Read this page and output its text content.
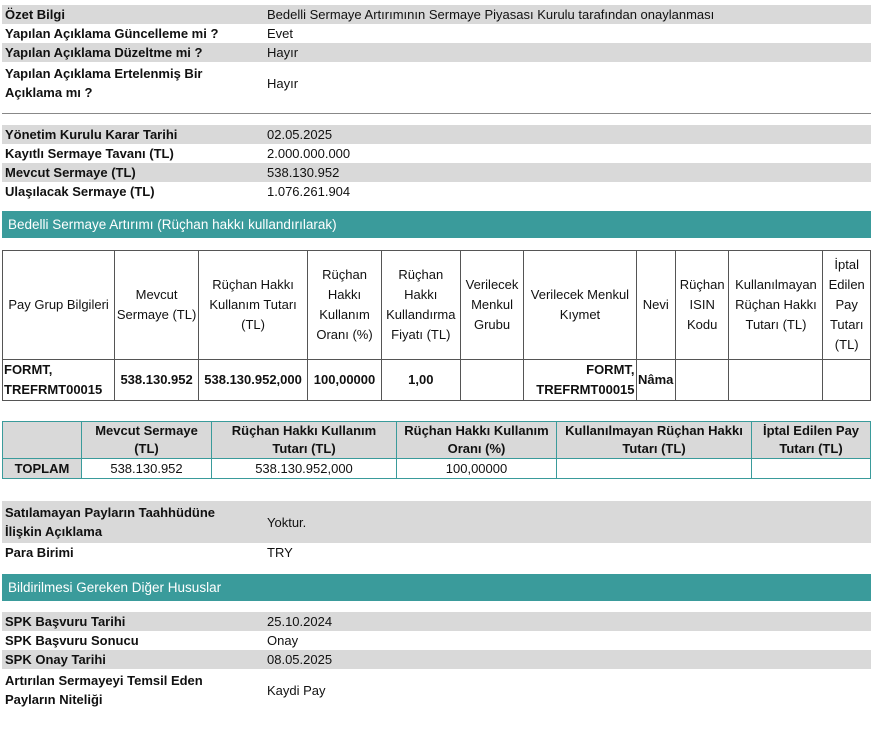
Özet Bilgi	Bedelli Sermaye Artırımının Sermaye Piyasası Kurulu tarafından onaylanması
Yapılan Açıklama Güncelleme mi ?	Evet
Yapılan Açıklama Düzeltme mi ?	Hayır
Yapılan Açıklama Ertelenmiş Bir Açıklama mı ?	Hayır
Yönetim Kurulu Karar Tarihi	02.05.2025
Kayıtlı Sermaye Tavanı (TL)	2.000.000.000
Mevcut Sermaye (TL)	538.130.952
Ulaşılacak Sermaye (TL)	1.076.261.904
Bedelli Sermaye Artırımı (Rüçhan hakkı kullandırılarak)
Pay Grup Bilgileri	Mevcut Sermaye (TL)	Rüçhan Hakkı Kullanım Tutarı (TL)	Rüçhan Hakkı Kullanım Oranı (%)	Rüçhan Hakkı Kullandırma Fiyatı (TL)	Verilecek Menkul Grubu	Verilecek Menkul Kıymet	Nevi	Rüçhan ISIN Kodu	Kullanılmayan Rüçhan Hakkı Tutarı (TL)	İptal Edilen Pay Tutarı (TL)
FORMT, TREFRMT00015	538.130.952	538.130.952,000	100,00000	1,00		FORMT, TREFRMT00015	Nâma			
	Mevcut Sermaye (TL)	Rüçhan Hakkı Kullanım Tutarı (TL)	Rüçhan Hakkı Kullanım Oranı (%)	Kullanılmayan Rüçhan Hakkı Tutarı (TL)	İptal Edilen Pay Tutarı (TL)
TOPLAM	538.130.952	538.130.952,000	100,00000		
Satılamayan Payların Taahhüdüne İlişkin Açıklama	Yoktur.
Para Birimi	TRY
Bildirilmesi Gereken Diğer Hususlar
SPK Başvuru Tarihi	25.10.2024
SPK Başvuru Sonucu	Onay
SPK Onay Tarihi	08.05.2025
Artırılan Sermayeyi Temsil Eden Payların Niteliği	Kaydi Pay
